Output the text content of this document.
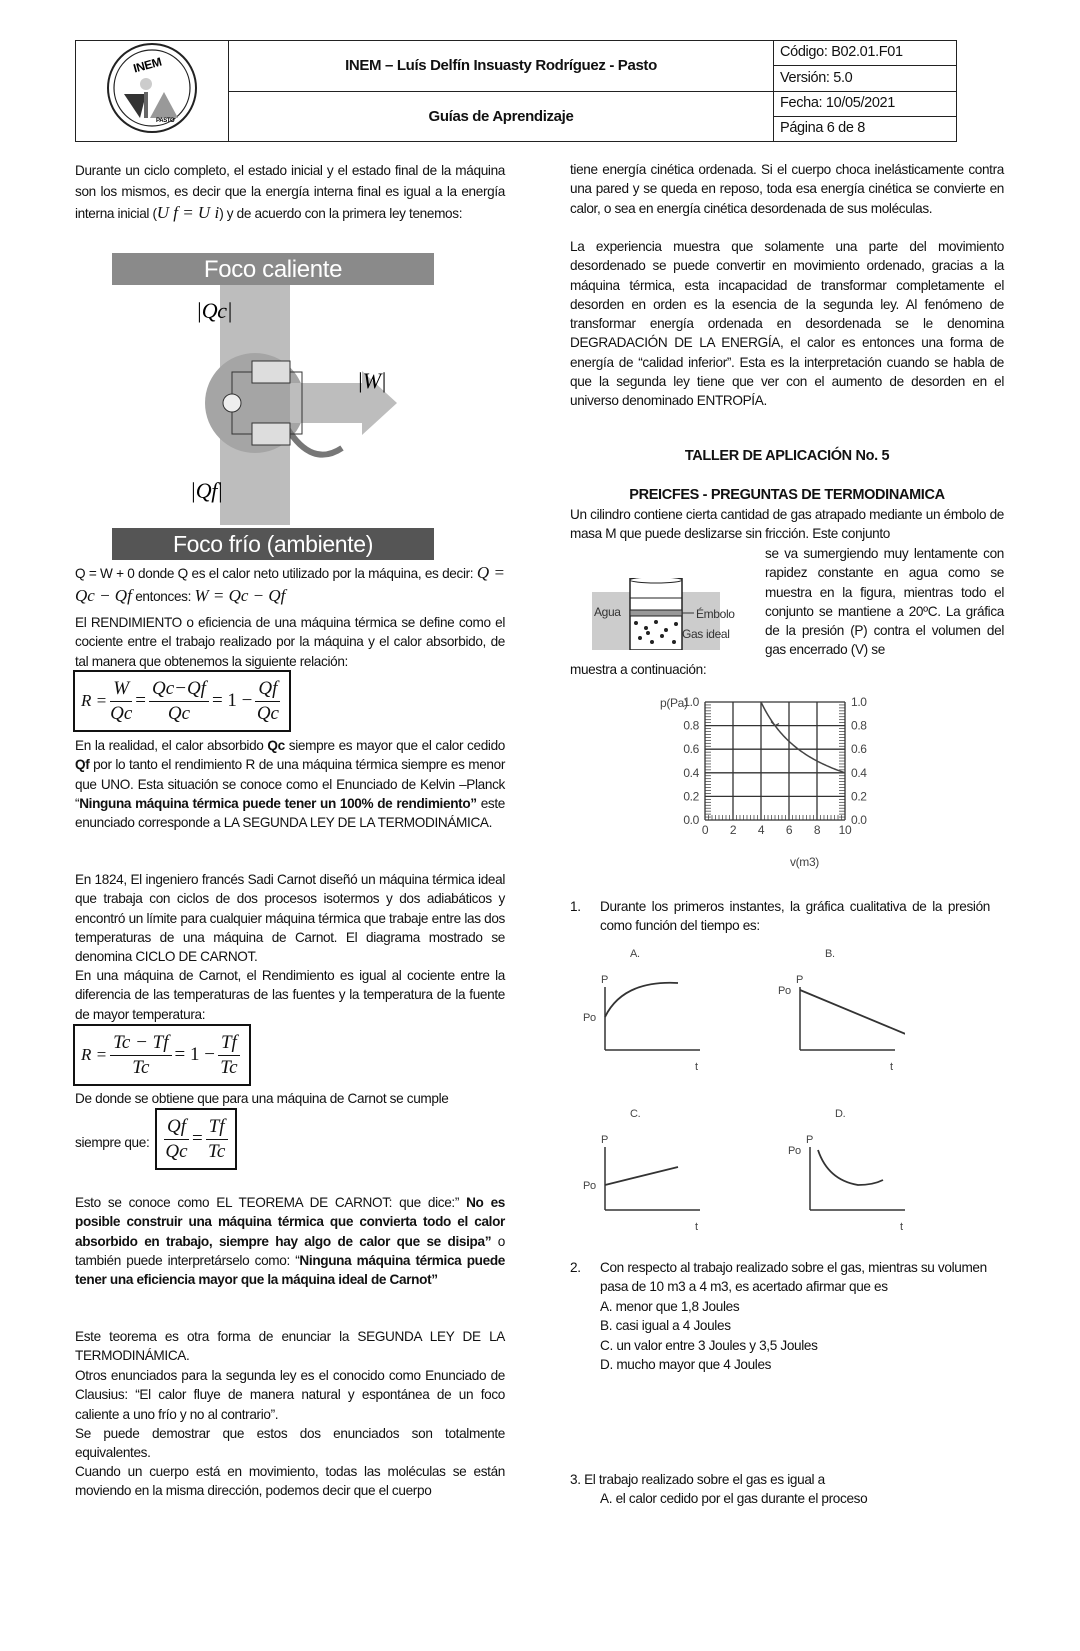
INEM
PASTO	INEM – Luís Delfín Insuasty Rodríguez - Pasto	Código: B02.01.F01
		Versión: 5.0
	Guías de Aprendizaje	Fecha: 10/05/2021
		Página 6 de 8

Durante un ciclo completo, el estado inicial y el estado final de la máquina son los mismos, es decir que la energía interna final es igual a la energía interna inicial (U f = U i) y de acuerdo con la primera ley tenemos:

Foco caliente
Foco frío (ambiente)
|Qc|
|W|
|Qf|

Q = W + 0 donde Q es el calor neto utilizado por la máquina, es decir: Q = Qc − Qf entonces: W = Qc − Qf

El RENDIMIENTO o eficiencia de una máquina térmica se define como el cociente entre el trabajo realizado por la máquina y el calor absorbido, de tal manera que obtenemos la siguiente relación:

$R = \frac{W}{Qc} = \frac{Qc-Qf}{Qc} = 1 - \frac{Qf}{Qc}$

En la realidad, el calor absorbido Qc siempre es mayor que el calor cedido Qf por lo tanto el rendimiento R de una máquina térmica siempre es menor que UNO. Esta situación se conoce como el Enunciado de Kelvin –Planck “Ninguna máquina térmica puede tener un 100% de rendimiento” este enunciado corresponde a LA SEGUNDA LEY DE LA TERMODINÁMICA.

En 1824, El ingeniero francés Sadi Carnot diseñó un máquina térmica ideal que trabaja con ciclos de dos procesos isotermos y dos adiabáticos y encontró un límite para cualquier máquina térmica que trabaje entre las dos temperaturas de una máquina de Carnot. El diagrama mostrado se denomina CICLO DE CARNOT.

En una máquina de Carnot, el Rendimiento es igual al cociente entre la diferencia de las temperaturas de las fuentes y la temperatura de la fuente de mayor temperatura:

$R = \frac{Tc - Tf}{Tc} = 1 - \frac{Tf}{Tc}$

De donde se obtiene que para una máquina de Carnot se cumple

siempre que: $\frac{Qf}{Qc} = \frac{Tf}{Tc}$

Esto se conoce como EL TEOREMA DE CARNOT: que dice:” No es posible construir una máquina térmica que convierta todo el calor absorbido en trabajo, siempre hay algo de calor que se disipa” o también puede interpretárselo como: “Ninguna máquina térmica puede tener una eficiencia mayor que la máquina ideal de Carnot”

Este teorema es otra forma de enunciar la SEGUNDA LEY DE LA TERMODINÁMICA.

Otros enunciados para la segunda ley es el conocido como Enunciado de Clausius: “El calor fluye de manera natural y espontánea de un foco caliente a uno frío y no al contrario”.

Se puede demostrar que estos dos enunciados son totalmente equivalentes.

Cuando un cuerpo está en movimiento, todas las moléculas se están moviendo en la misma dirección, podemos decir que el cuerpo

tiene energía cinética ordenada. Si el cuerpo choca inelásticamente contra una pared y se queda en reposo, toda esa energía cinética se convierte en calor, o sea en energía cinética desordenada de sus moléculas.

La experiencia muestra que solamente una parte del movimiento desordenado se puede convertir en movimiento ordenado, gracias a la máquina térmica, esta incapacidad de transformar completamente el desorden en orden es la esencia de la segunda ley. Al fenómeno de transformar energía ordenada en desordenada se le denomina DEGRADACIÓN DE LA ENERGÍA, el calor es entonces una forma de energía de “calidad inferior”. Esta es la interpretación cuando se habla de que la segunda ley tiene que ver con el aumento de desorden en el universo denominado ENTROPÍA.

TALLER DE APLICACIÓN No. 5
PREICFES - PREGUNTAS DE TERMODINAMICA

Un cilindro contiene cierta cantidad de gas atrapado mediante un émbolo de masa M que puede deslizarse sin fricción. Este conjunto

se va sumergiendo muy lentamente con rapidez constante en agua como se muestra en la figura, mientras todo el conjunto se mantiene a 20ºC. La gráfica de la presión (P) contra el volumen del gas encerrado (V) se

muestra a continuación:

Agua	Émbolo
Gas ideal
p(Pa)
v(m3)
0 2 4 6 8 10
0.0	0.0
0.2	0.2
0.4	0.4
0.6	0.6
0.8	0.8
1.0	1.0
1.	Durante los primeros instantes, la gráfica cualitativa de la presión como función del tiempo es:

A.
P
Po
t
B.
P
Po
t
C.
P
Po
t
D.
P
Po
t
2. Con respecto al trabajo realizado sobre el gas, mientras su volumen pasa de 10 m3 a 4 m3, es acertado afirmar que es

A. menor que 1,8 Joules
B. casi igual a 4 Joules
C. un valor entre 3 Joules y 3,5 Joules
D. mucho mayor que 4 Joules
3. El trabajo realizado sobre el gas es igual a
A. el calor cedido por el gas durante el proceso
